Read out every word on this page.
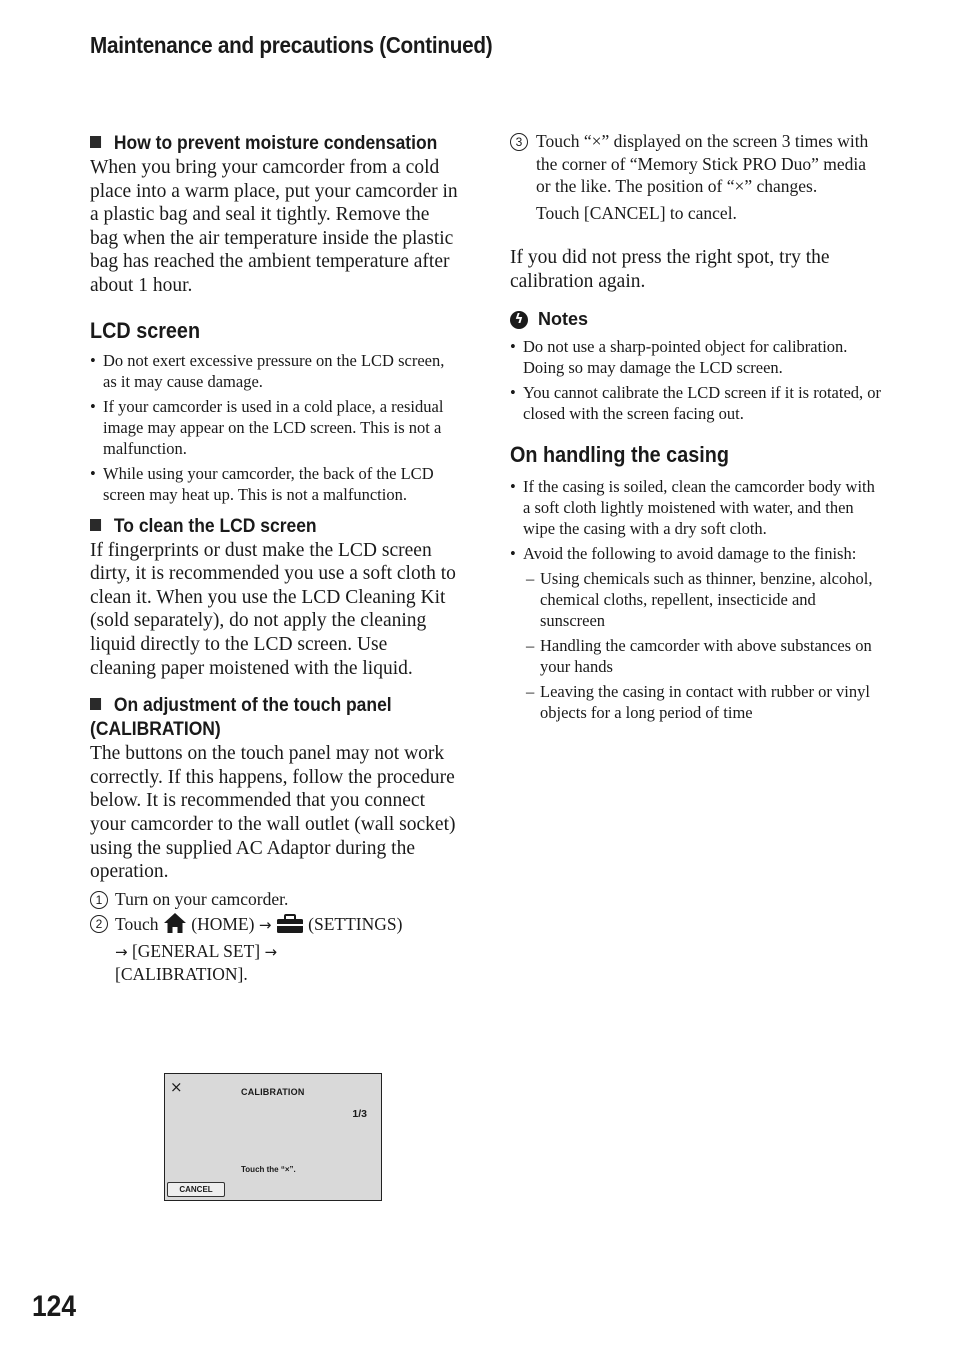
Maintenance and precautions (Continued)

How to prevent moisture condensation

When you bring your camcorder from a cold place into a warm place, put your camcorder in a plastic bag and seal it tightly. Remove the bag when the air temperature inside the plastic bag has reached the ambient temperature after about 1 hour.

LCD screen
• Do not exert excessive pressure on the LCD screen, as it may cause damage.
• If your camcorder is used in a cold place, a residual image may appear on the LCD screen. This is not a malfunction.
• While using your camcorder, the back of the LCD screen may heat up. This is not a malfunction.

To clean the LCD screen

If fingerprints or dust make the LCD screen dirty, it is recommended you use a soft cloth to clean it. When you use the LCD Cleaning Kit (sold separately), do not apply the cleaning liquid directly to the LCD screen. Use cleaning paper moistened with the liquid.

On adjustment of the touch panel

(CALIBRATION)

The buttons on the touch panel may not work correctly. If this happens, follow the procedure below. It is recommended that you connect your camcorder to the wall outlet (wall socket) using the supplied AC Adaptor during the operation.

1 Turn on your camcorder.

2 Touch (HOME) → (SETTINGS)
→ [GENERAL SET] →
[CALIBRATION].

×	CALIBRATION
1/3
Touch the “×”.
CANCEL

3 Touch “×” displayed on the screen 3 times with the corner of “Memory Stick PRO Duo” media or the like. The position of “×” changes.

Touch [CANCEL] to cancel.

If you did not press the right spot, try the calibration again.

ϟ Notes

• Do not use a sharp-pointed object for calibration. Doing so may damage the LCD screen.
• You cannot calibrate the LCD screen if it is rotated, or closed with the screen facing out.
On handling the casing
• If the casing is soiled, clean the camcorder body with a soft cloth lightly moistened with water, and then wipe the casing with a dry soft cloth.
• Avoid the following to avoid damage to the finish:
– Using chemicals such as thinner, benzine, alcohol, chemical cloths, repellent, insecticide and sunscreen
– Handling the camcorder with above substances on your hands
– Leaving the casing in contact with rubber or vinyl objects for a long period of time
124
